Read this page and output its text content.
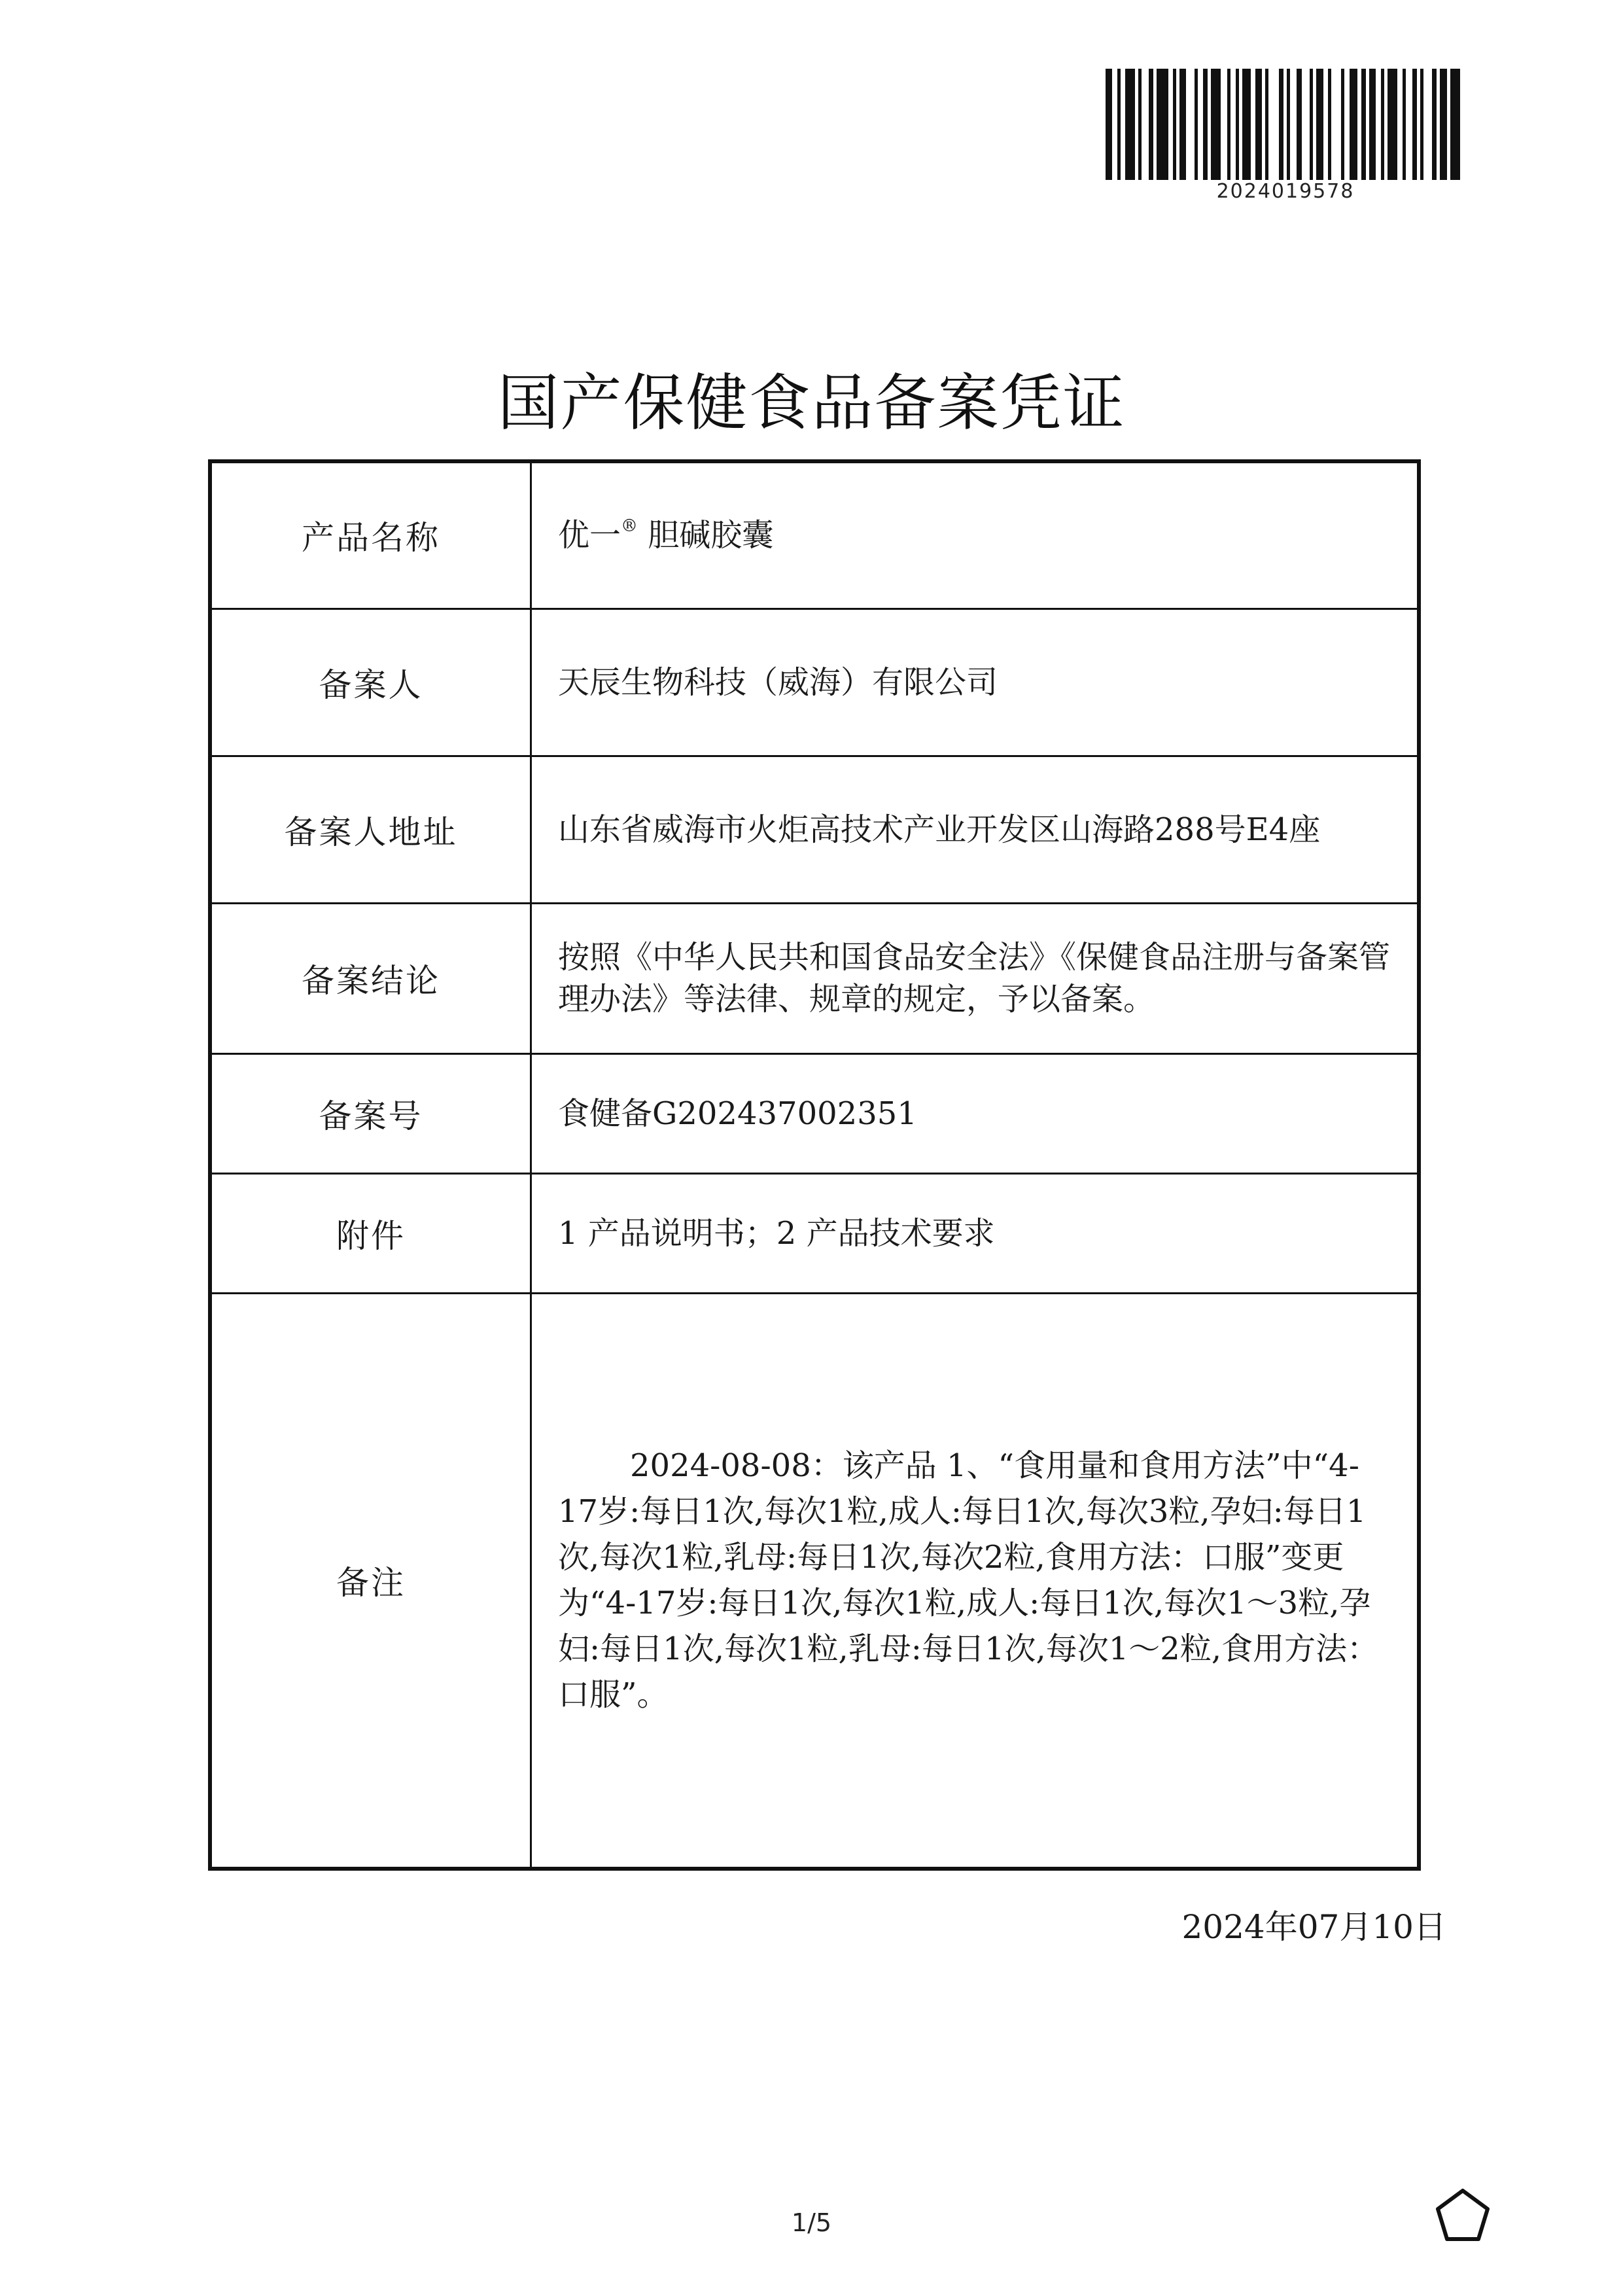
2024019578
国产保健食品备案凭证
产品名称	优一® 胆碱胶囊
备案人	天辰生物科技（威海）有限公司
备案人地址	山东省威海市火炬高技术产业开发区山海路288号E4座
备案结论	按照《中华人民共和国食品安全法》《保健食品注册与备案管理办法》等法律、规章的规定，予以备案。
备案号	食健备G202437002351
附件	1 产品说明书；2 产品技术要求
备注	2024-08-08：该产品 1、“食用量和食用方法”中“4-17岁:每日1次,每次1粒,成人:每日1次,每次3粒,孕妇:每日1次,每次1粒,乳母:每日1次,每次2粒,食用方法：口服”变更为“4-17岁:每日1次,每次1粒,成人:每日1次,每次1～3粒,孕妇:每日1次,每次1粒,乳母:每日1次,每次1～2粒,食用方法：口服”。
2024年07月10日
1/5
